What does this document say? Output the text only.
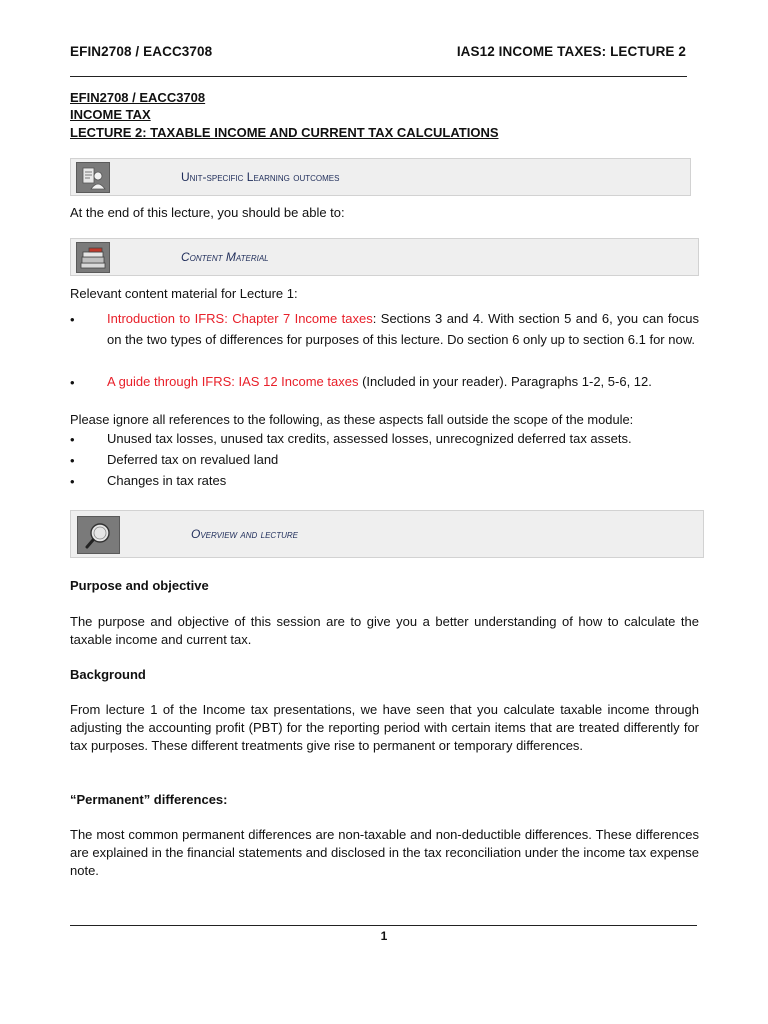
EFIN2708 / EACC3708	IAS12 INCOME TAXES: LECTURE 2
EFIN2708 / EACC3708
INCOME TAX
LECTURE 2: TAXABLE INCOME AND CURRENT TAX CALCULATIONS
Unit-specific Learning outcomes
At the end of this lecture, you should be able to:
Content Material
Relevant content material for Lecture 1:
• Introduction to IFRS: Chapter 7 Income taxes: Sections 3 and 4. With section 5 and 6, you can focus on the two types of differences for purposes of this lecture. Do section 6 only up to section 6.1 for now.
• A guide through IFRS: IAS 12 Income taxes (Included in your reader). Paragraphs 1-2, 5-6, 12.
Please ignore all references to the following, as these aspects fall outside the scope of the module:
• Unused tax losses, unused tax credits, assessed losses, unrecognized deferred tax assets.
• Deferred tax on revalued land
• Changes in tax rates
Overview and lecture
Purpose and objective
The purpose and objective of this session are to give you a better understanding of how to calculate the taxable income and current tax.
Background
From lecture 1 of the Income tax presentations, we have seen that you calculate taxable income through adjusting the accounting profit (PBT) for the reporting period with certain items that are treated differently for tax purposes. These different treatments give rise to permanent or temporary differences.
“Permanent” differences:
The most common permanent differences are non-taxable and non-deductible differences. These differences are explained in the financial statements and disclosed in the tax reconciliation under the income tax expense note.
1
